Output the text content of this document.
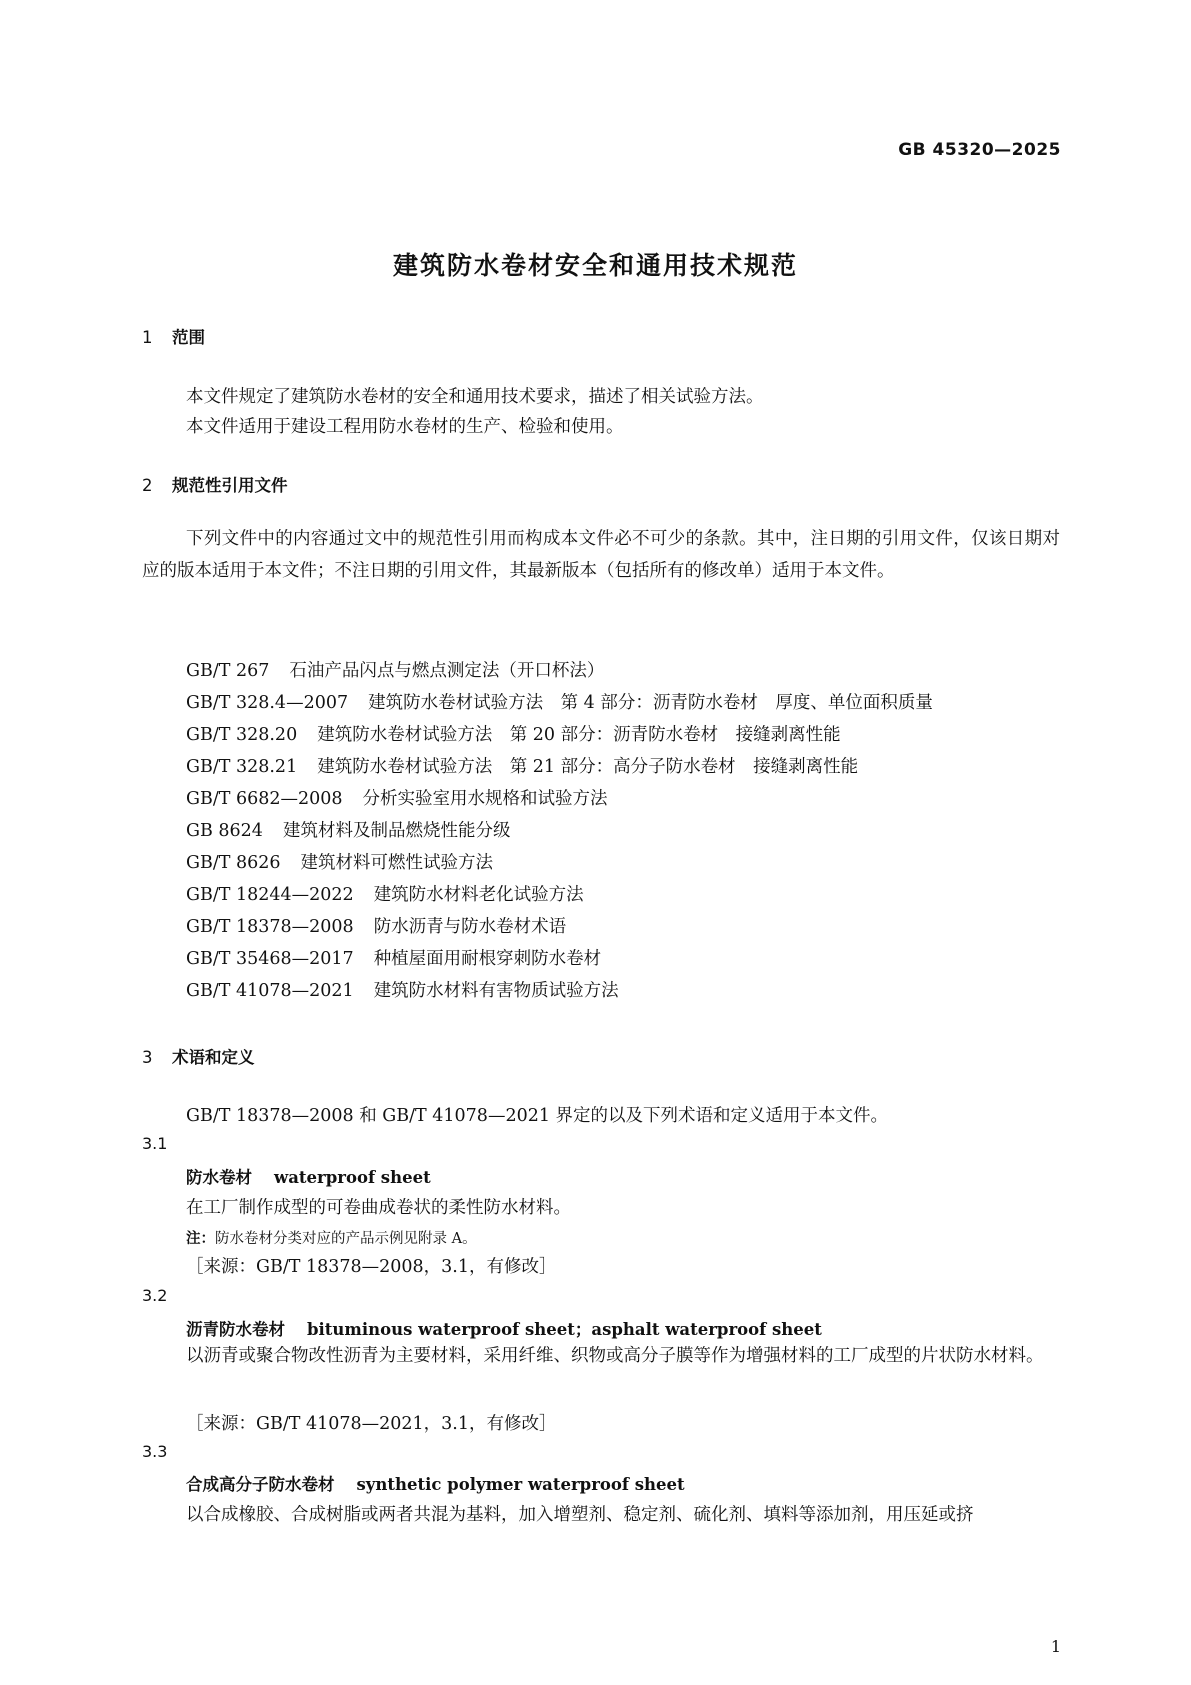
GB 45320—2025
建筑防水卷材安全和通用技术规范
1 范围
本文件规定了建筑防水卷材的安全和通用技术要求，描述了相关试验方法。
本文件适用于建设工程用防水卷材的生产、检验和使用。
2 规范性引用文件
下列文件中的内容通过文中的规范性引用而构成本文件必不可少的条款。其中，注日期的引用文件，仅该日期对应的版本适用于本文件；不注日期的引用文件，其最新版本（包括所有的修改单）适用于本文件。
GB/T 267 石油产品闪点与燃点测定法（开口杯法）
GB/T 328.4—2007 建筑防水卷材试验方法　第 4 部分：沥青防水卷材　厚度、单位面积质量
GB/T 328.20 建筑防水卷材试验方法　第 20 部分：沥青防水卷材　接缝剥离性能
GB/T 328.21 建筑防水卷材试验方法　第 21 部分：高分子防水卷材　接缝剥离性能
GB/T 6682—2008 分析实验室用水规格和试验方法
GB 8624 建筑材料及制品燃烧性能分级
GB/T 8626 建筑材料可燃性试验方法
GB/T 18244—2022 建筑防水材料老化试验方法
GB/T 18378—2008 防水沥青与防水卷材术语
GB/T 35468—2017 种植屋面用耐根穿刺防水卷材
GB/T 41078—2021 建筑防水材料有害物质试验方法
3 术语和定义
GB/T 18378—2008 和 GB/T 41078—2021 界定的以及下列术语和定义适用于本文件。
3.1
防水卷材 waterproof sheet
在工厂制作成型的可卷曲成卷状的柔性防水材料。
注：防水卷材分类对应的产品示例见附录 A。
［来源：GB/T 18378—2008，3.1，有修改］
3.2
沥青防水卷材 bituminous waterproof sheet；asphalt waterproof sheet
以沥青或聚合物改性沥青为主要材料，采用纤维、织物或高分子膜等作为增强材料的工厂成型的片状防水材料。
［来源：GB/T 41078—2021，3.1，有修改］
3.3
合成高分子防水卷材 synthetic polymer waterproof sheet
以合成橡胶、合成树脂或两者共混为基料，加入增塑剂、稳定剂、硫化剂、填料等添加剂，用压延或挤
1
